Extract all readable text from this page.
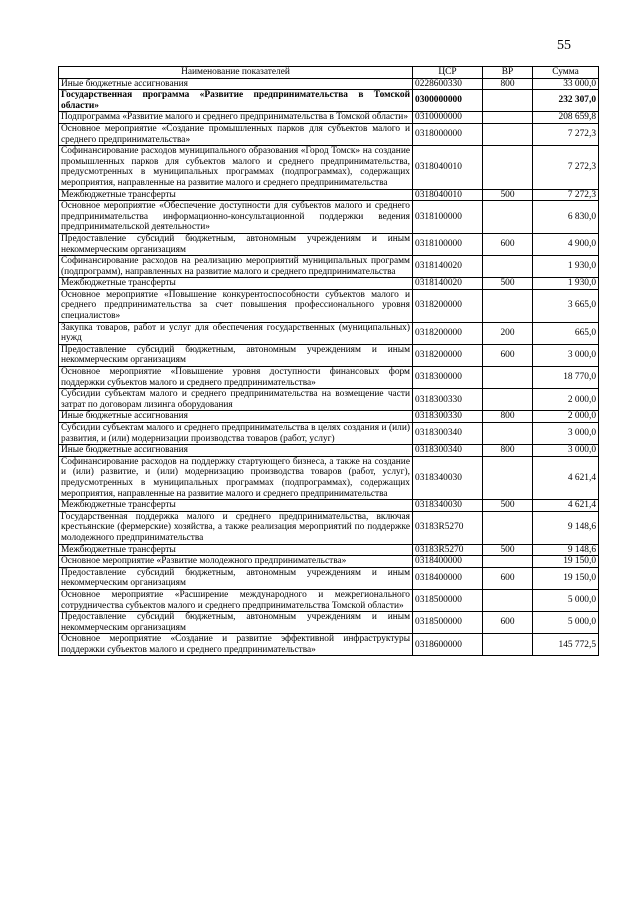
55
Наименование показателей	ЦСР	ВР	Сумма
Иные бюджетные ассигнования	0228600330	800	33 000,0
Государственная программа «Развитие предпринимательства в Томской области»	0300000000		232 307,0
Подпрограмма «Развитие малого и среднего предпринимательства в Томской области»	0310000000		208 659,8
Основное мероприятие «Создание промышленных парков для субъектов малого и среднего предпринимательства»	0318000000		7 272,3
Софинансирование расходов муниципального образования «Город Томск» на создание промышленных парков для субъектов малого и среднего предпринимательства, предусмотренных в муниципальных программах (подпрограммах), содержащих мероприятия, направленные на развитие малого и среднего предпринимательства	0318040010		7 272,3
Межбюджетные трансферты	0318040010	500	7 272,3
Основное мероприятие «Обеспечение доступности для субъектов малого и среднего предпринимательства информационно-консультационной поддержки ведения предпринимательской деятельности»	0318100000		6 830,0
Предоставление субсидий бюджетным, автономным учреждениям и иным некоммерческим организациям	0318100000	600	4 900,0
Софинансирование расходов на реализацию мероприятий муниципальных программ (подпрограмм), направленных на развитие малого и среднего предпринимательства	0318140020		1 930,0
Межбюджетные трансферты	0318140020	500	1 930,0
Основное мероприятие «Повышение конкурентоспособности субъектов малого и среднего предпринимательства за счет повышения профессионального уровня специалистов»	0318200000		3 665,0
Закупка товаров, работ и услуг для обеспечения государственных (муниципальных) нужд	0318200000	200	665,0
Предоставление субсидий бюджетным, автономным учреждениям и иным некоммерческим организациям	0318200000	600	3 000,0
Основное мероприятие «Повышение уровня доступности финансовых форм поддержки субъектов малого и среднего предпринимательства»	0318300000		18 770,0
Субсидии субъектам малого и среднего предпринимательства на возмещение части затрат по договорам лизинга оборудования	0318300330		2 000,0
Иные бюджетные ассигнования	0318300330	800	2 000,0
Субсидии субъектам малого и среднего предпринимательства в целях создания и (или) развития, и (или) модернизации производства товаров (работ, услуг)	0318300340		3 000,0
Иные бюджетные ассигнования	0318300340	800	3 000,0
Софинансирование расходов на поддержку стартующего бизнеса, а также на создание и (или) развитие, и (или) модернизацию производства товаров (работ, услуг), предусмотренных в муниципальных программах (подпрограммах), содержащих мероприятия, направленные на развитие малого и среднего предпринимательства	0318340030		4 621,4
Межбюджетные трансферты	0318340030	500	4 621,4
Государственная поддержка малого и среднего предпринимательства, включая крестьянские (фермерские) хозяйства, а также реализация мероприятий по поддержке молодежного предпринимательства	03183R5270		9 148,6
Межбюджетные трансферты	03183R5270	500	9 148,6
Основное мероприятие «Развитие молодежного предпринимательства»	0318400000		19 150,0
Предоставление субсидий бюджетным, автономным учреждениям и иным некоммерческим организациям	0318400000	600	19 150,0
Основное мероприятие «Расширение международного и межрегионального сотрудничества субъектов малого и среднего предпринимательства Томской области»	0318500000		5 000,0
Предоставление субсидий бюджетным, автономным учреждениям и иным некоммерческим организациям	0318500000	600	5 000,0
Основное мероприятие «Создание и развитие эффективной инфраструктуры поддержки субъектов малого и среднего предпринимательства»	0318600000		145 772,5
